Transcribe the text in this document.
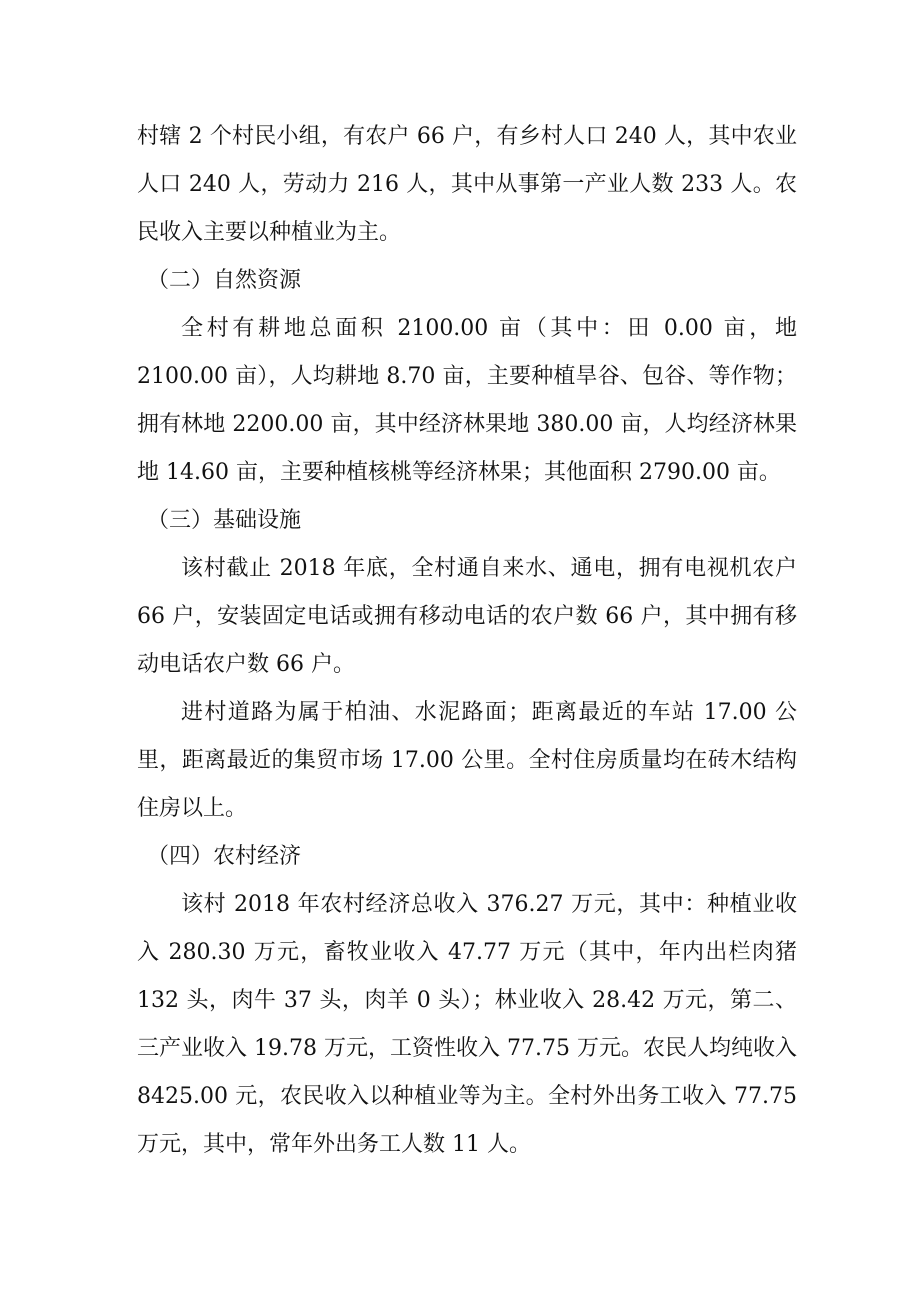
村辖 2 个村民小组，有农户 66 户，有乡村人口 240 人，其中农业人口 240 人，劳动力 216 人，其中从事第一产业人数 233 人。农民收入主要以种植业为主。

（二）自然资源

全村有耕地总面积 2100.00 亩（其中：田 0.00 亩，地 2100.00 亩），人均耕地 8.70 亩，主要种植旱谷、包谷、等作物；拥有林地 2200.00 亩，其中经济林果地 380.00 亩，人均经济林果地 14.60 亩，主要种植核桃等经济林果；其他面积 2790.00 亩。

（三）基础设施

该村截止 2018 年底，全村通自来水、通电，拥有电视机农户 66 户，安装固定电话或拥有移动电话的农户数 66 户，其中拥有移动电话农户数 66 户。

进村道路为属于柏油、水泥路面；距离最近的车站 17.00 公里，距离最近的集贸市场 17.00 公里。全村住房质量均在砖木结构住房以上。

（四）农村经济

该村 2018 年农村经济总收入 376.27 万元，其中：种植业收入 280.30 万元，畜牧业收入 47.77 万元（其中，年内出栏肉猪 132 头，肉牛 37 头，肉羊 0 头）；林业收入 28.42 万元，第二、三产业收入 19.78 万元，工资性收入 77.75 万元。农民人均纯收入 8425.00 元，农民收入以种植业等为主。全村外出务工收入 77.75 万元，其中，常年外出务工人数 11 人。
